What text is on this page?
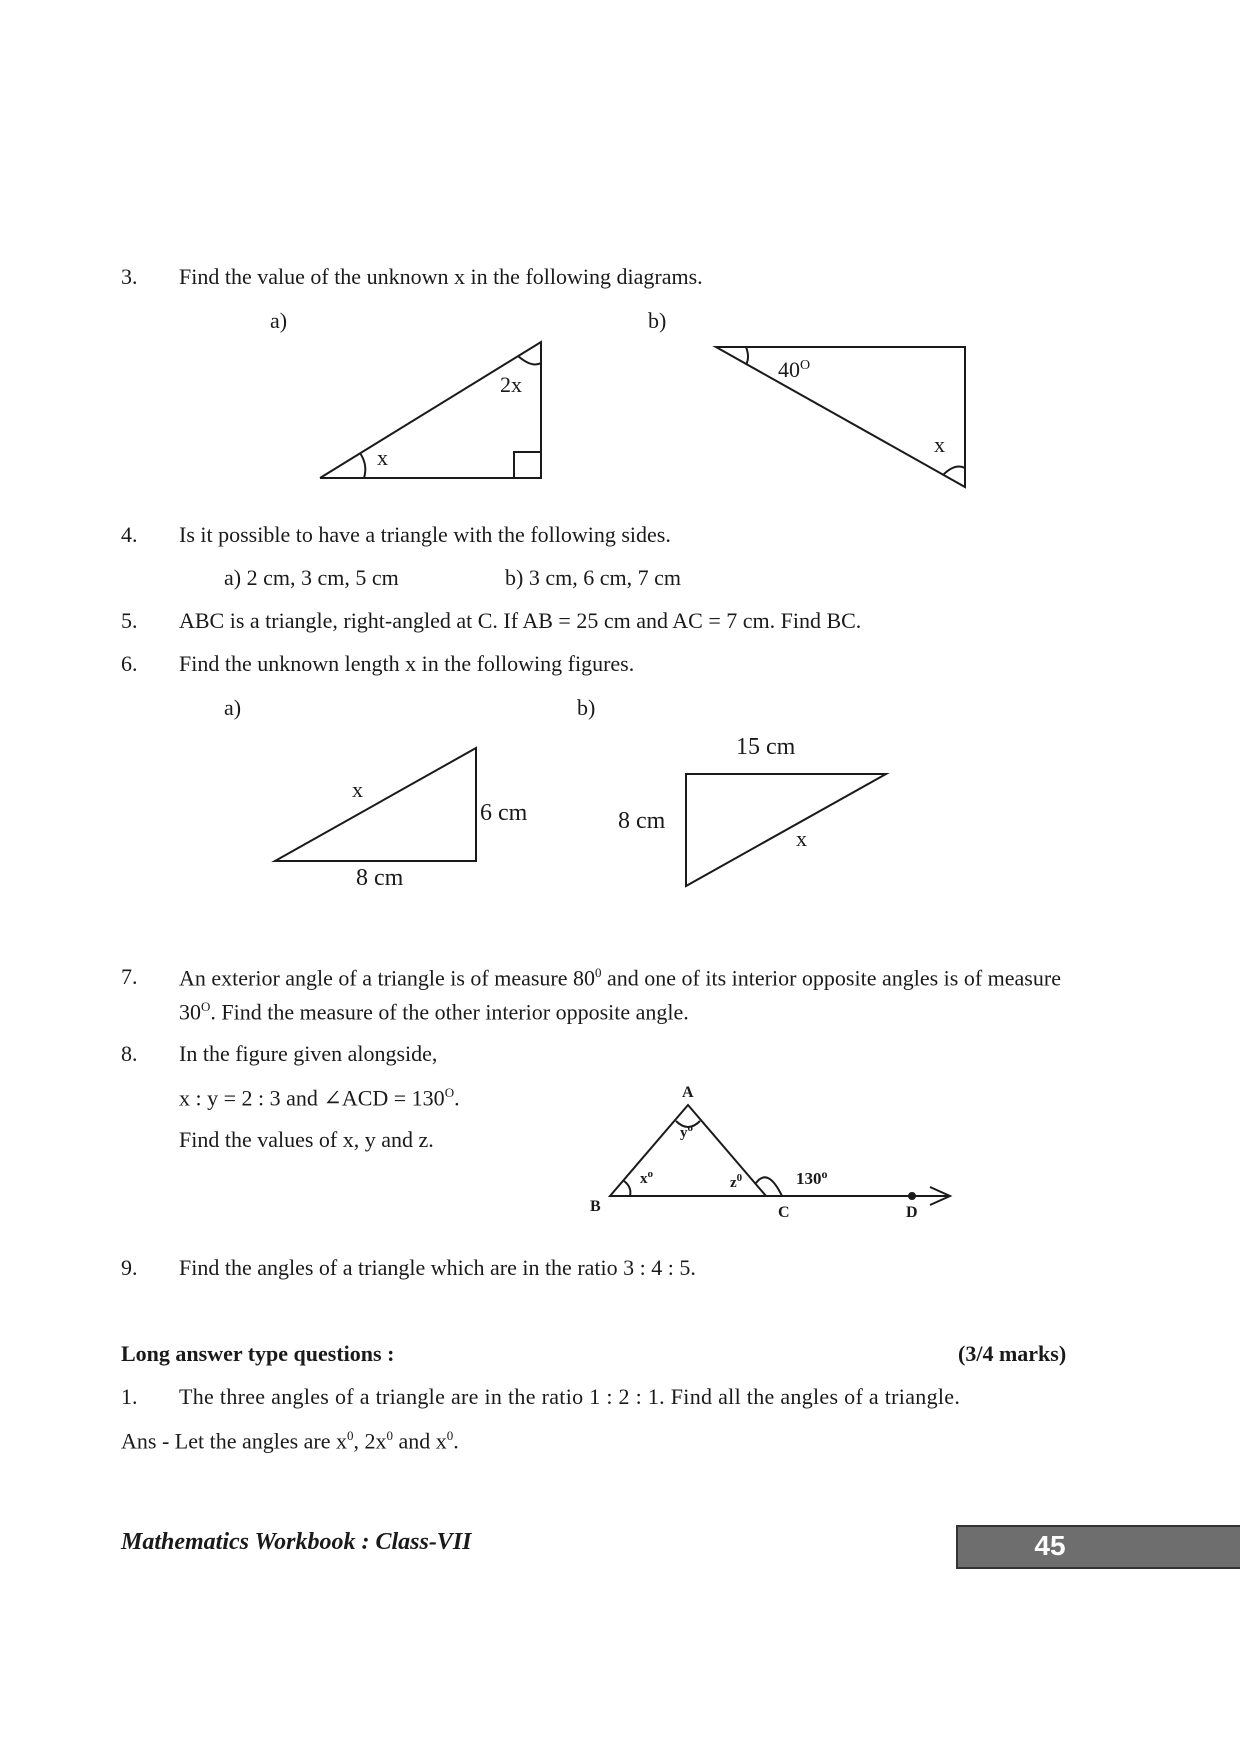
3. Find the value of the unknown x in the following diagrams.
a)	b)
2x
x
$40^O$
x
4. Is it possible to have a triangle with the following sides.
a) 2 cm, 3 cm, 5 cm	b) 3 cm, 6 cm, 7 cm
5. ABC is a triangle, right-angled at C. If AB = 25 cm and AC = 7 cm. Find BC.
6. Find the unknown length x in the following figures.
a)	b)
x
6 cm
8 cm
15 cm
8 cm
x
7. An exterior angle of a triangle is of measure $80^0$ and one of its interior opposite angles is of measure
$30^O$. Find the measure of the other interior opposite angle.
8. In the figure given alongside,
x : y = 2 : 3 and ∠ACD = $130^O$.
Find the values of x, y and z.
A
B	C	D
$y^o$
$x^o$
$z^0$	130$^o$
9. Find the angles of a triangle which are in the ratio 3 : 4 : 5.
Long answer type questions :	(3/4 marks)
1. The three angles of a triangle are in the ratio 1 : 2 : 1. Find all the angles of a triangle.
Ans - Let the angles are $x^0$, $2x^0$ and $x^0$.
Mathematics Workbook : Class-VII	45
